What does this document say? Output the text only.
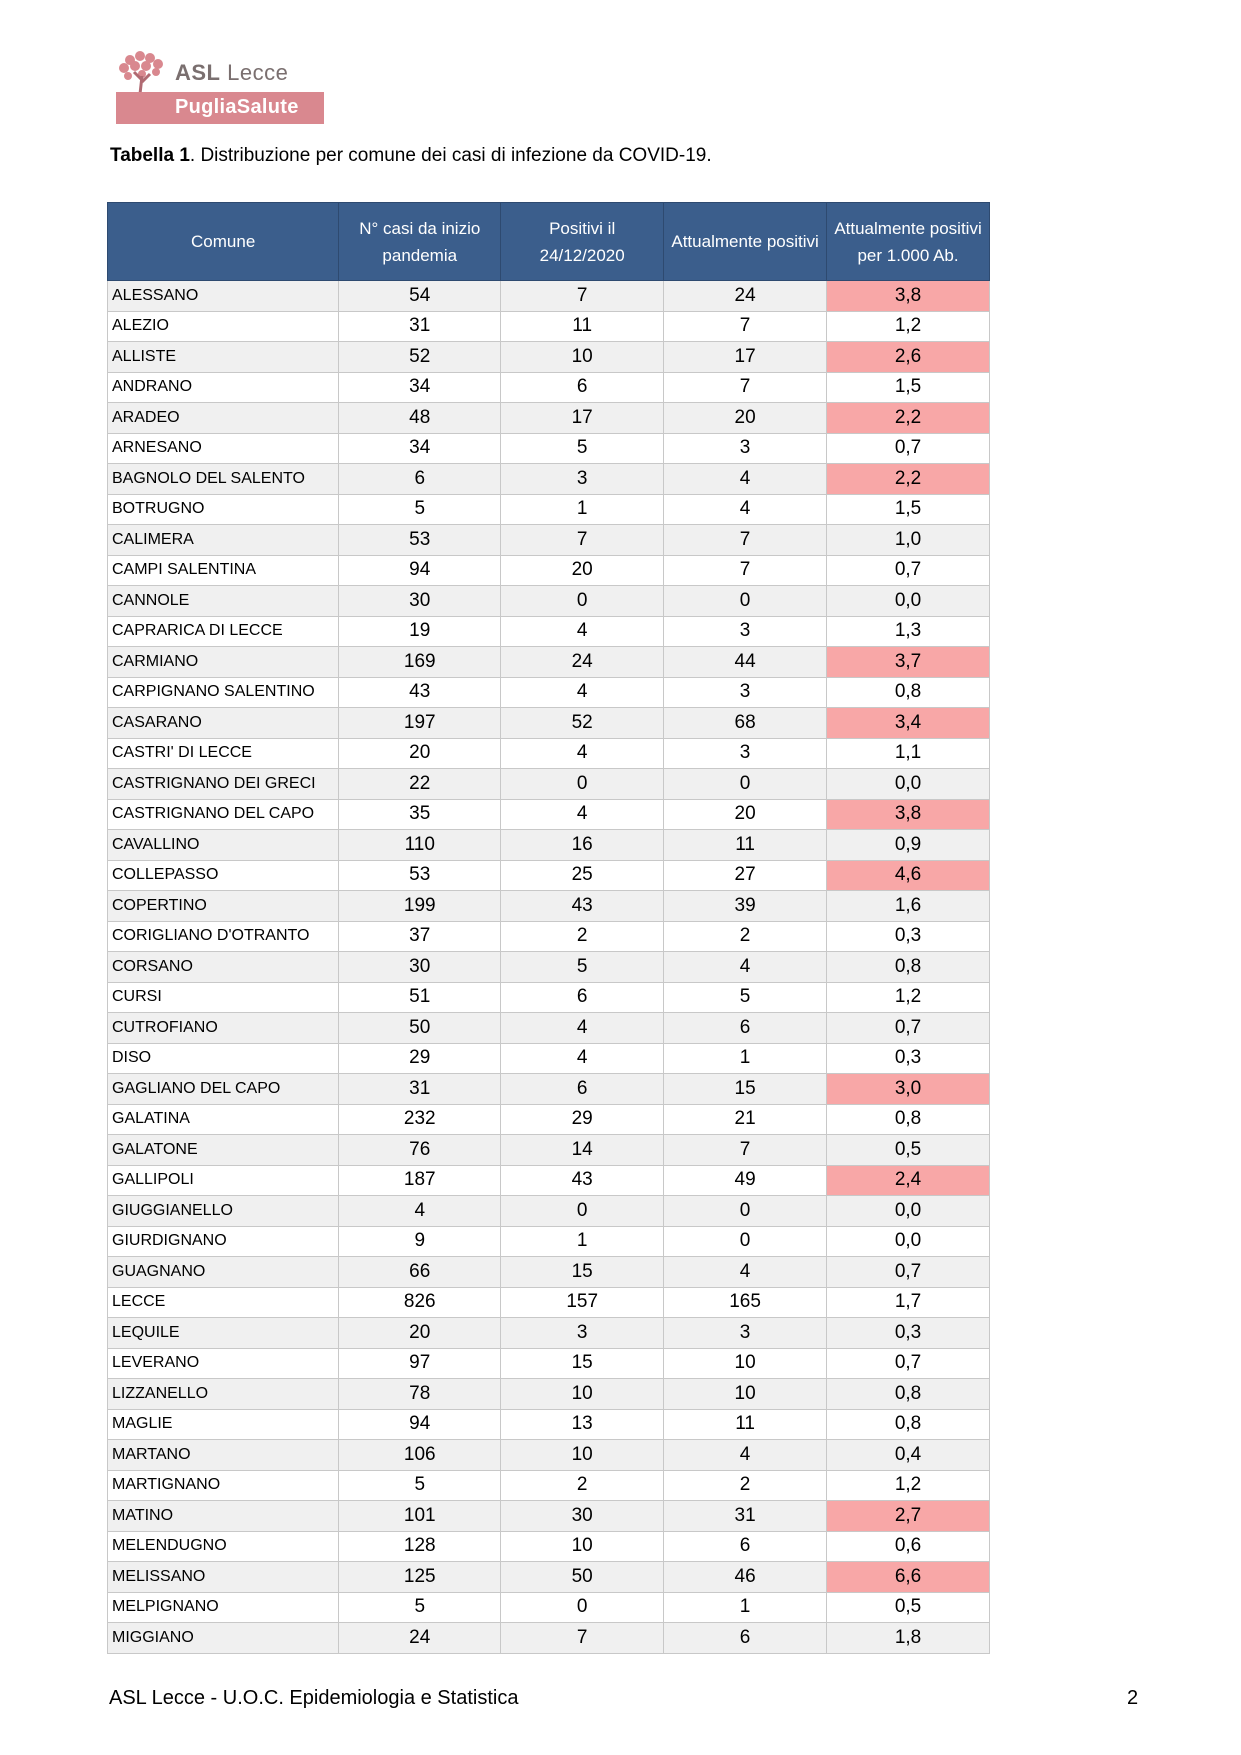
ASL Lecce
PugliaSalute
Tabella 1. Distribuzione per comune dei casi di infezione da COVID-19.
Comune	N° casi da inizio pandemia	Positivi il 24/12/2020	Attualmente positivi	Attualmente positivi per 1.000 Ab.
ALESSANO	54	7	24	3,8
ALEZIO	31	11	7	1,2
ALLISTE	52	10	17	2,6
ANDRANO	34	6	7	1,5
ARADEO	48	17	20	2,2
ARNESANO	34	5	3	0,7
BAGNOLO DEL SALENTO	6	3	4	2,2
BOTRUGNO	5	1	4	1,5
CALIMERA	53	7	7	1,0
CAMPI SALENTINA	94	20	7	0,7
CANNOLE	30	0	0	0,0
CAPRARICA DI LECCE	19	4	3	1,3
CARMIANO	169	24	44	3,7
CARPIGNANO SALENTINO	43	4	3	0,8
CASARANO	197	52	68	3,4
CASTRI' DI LECCE	20	4	3	1,1
CASTRIGNANO DEI GRECI	22	0	0	0,0
CASTRIGNANO DEL CAPO	35	4	20	3,8
CAVALLINO	110	16	11	0,9
COLLEPASSO	53	25	27	4,6
COPERTINO	199	43	39	1,6
CORIGLIANO D'OTRANTO	37	2	2	0,3
CORSANO	30	5	4	0,8
CURSI	51	6	5	1,2
CUTROFIANO	50	4	6	0,7
DISO	29	4	1	0,3
GAGLIANO DEL CAPO	31	6	15	3,0
GALATINA	232	29	21	0,8
GALATONE	76	14	7	0,5
GALLIPOLI	187	43	49	2,4
GIUGGIANELLO	4	0	0	0,0
GIURDIGNANO	9	1	0	0,0
GUAGNANO	66	15	4	0,7
LECCE	826	157	165	1,7
LEQUILE	20	3	3	0,3
LEVERANO	97	15	10	0,7
LIZZANELLO	78	10	10	0,8
MAGLIE	94	13	11	0,8
MARTANO	106	10	4	0,4
MARTIGNANO	5	2	2	1,2
MATINO	101	30	31	2,7
MELENDUGNO	128	10	6	0,6
MELISSANO	125	50	46	6,6
MELPIGNANO	5	0	1	0,5
MIGGIANO	24	7	6	1,8
ASL Lecce - U.O.C. Epidemiologia e Statistica	2
